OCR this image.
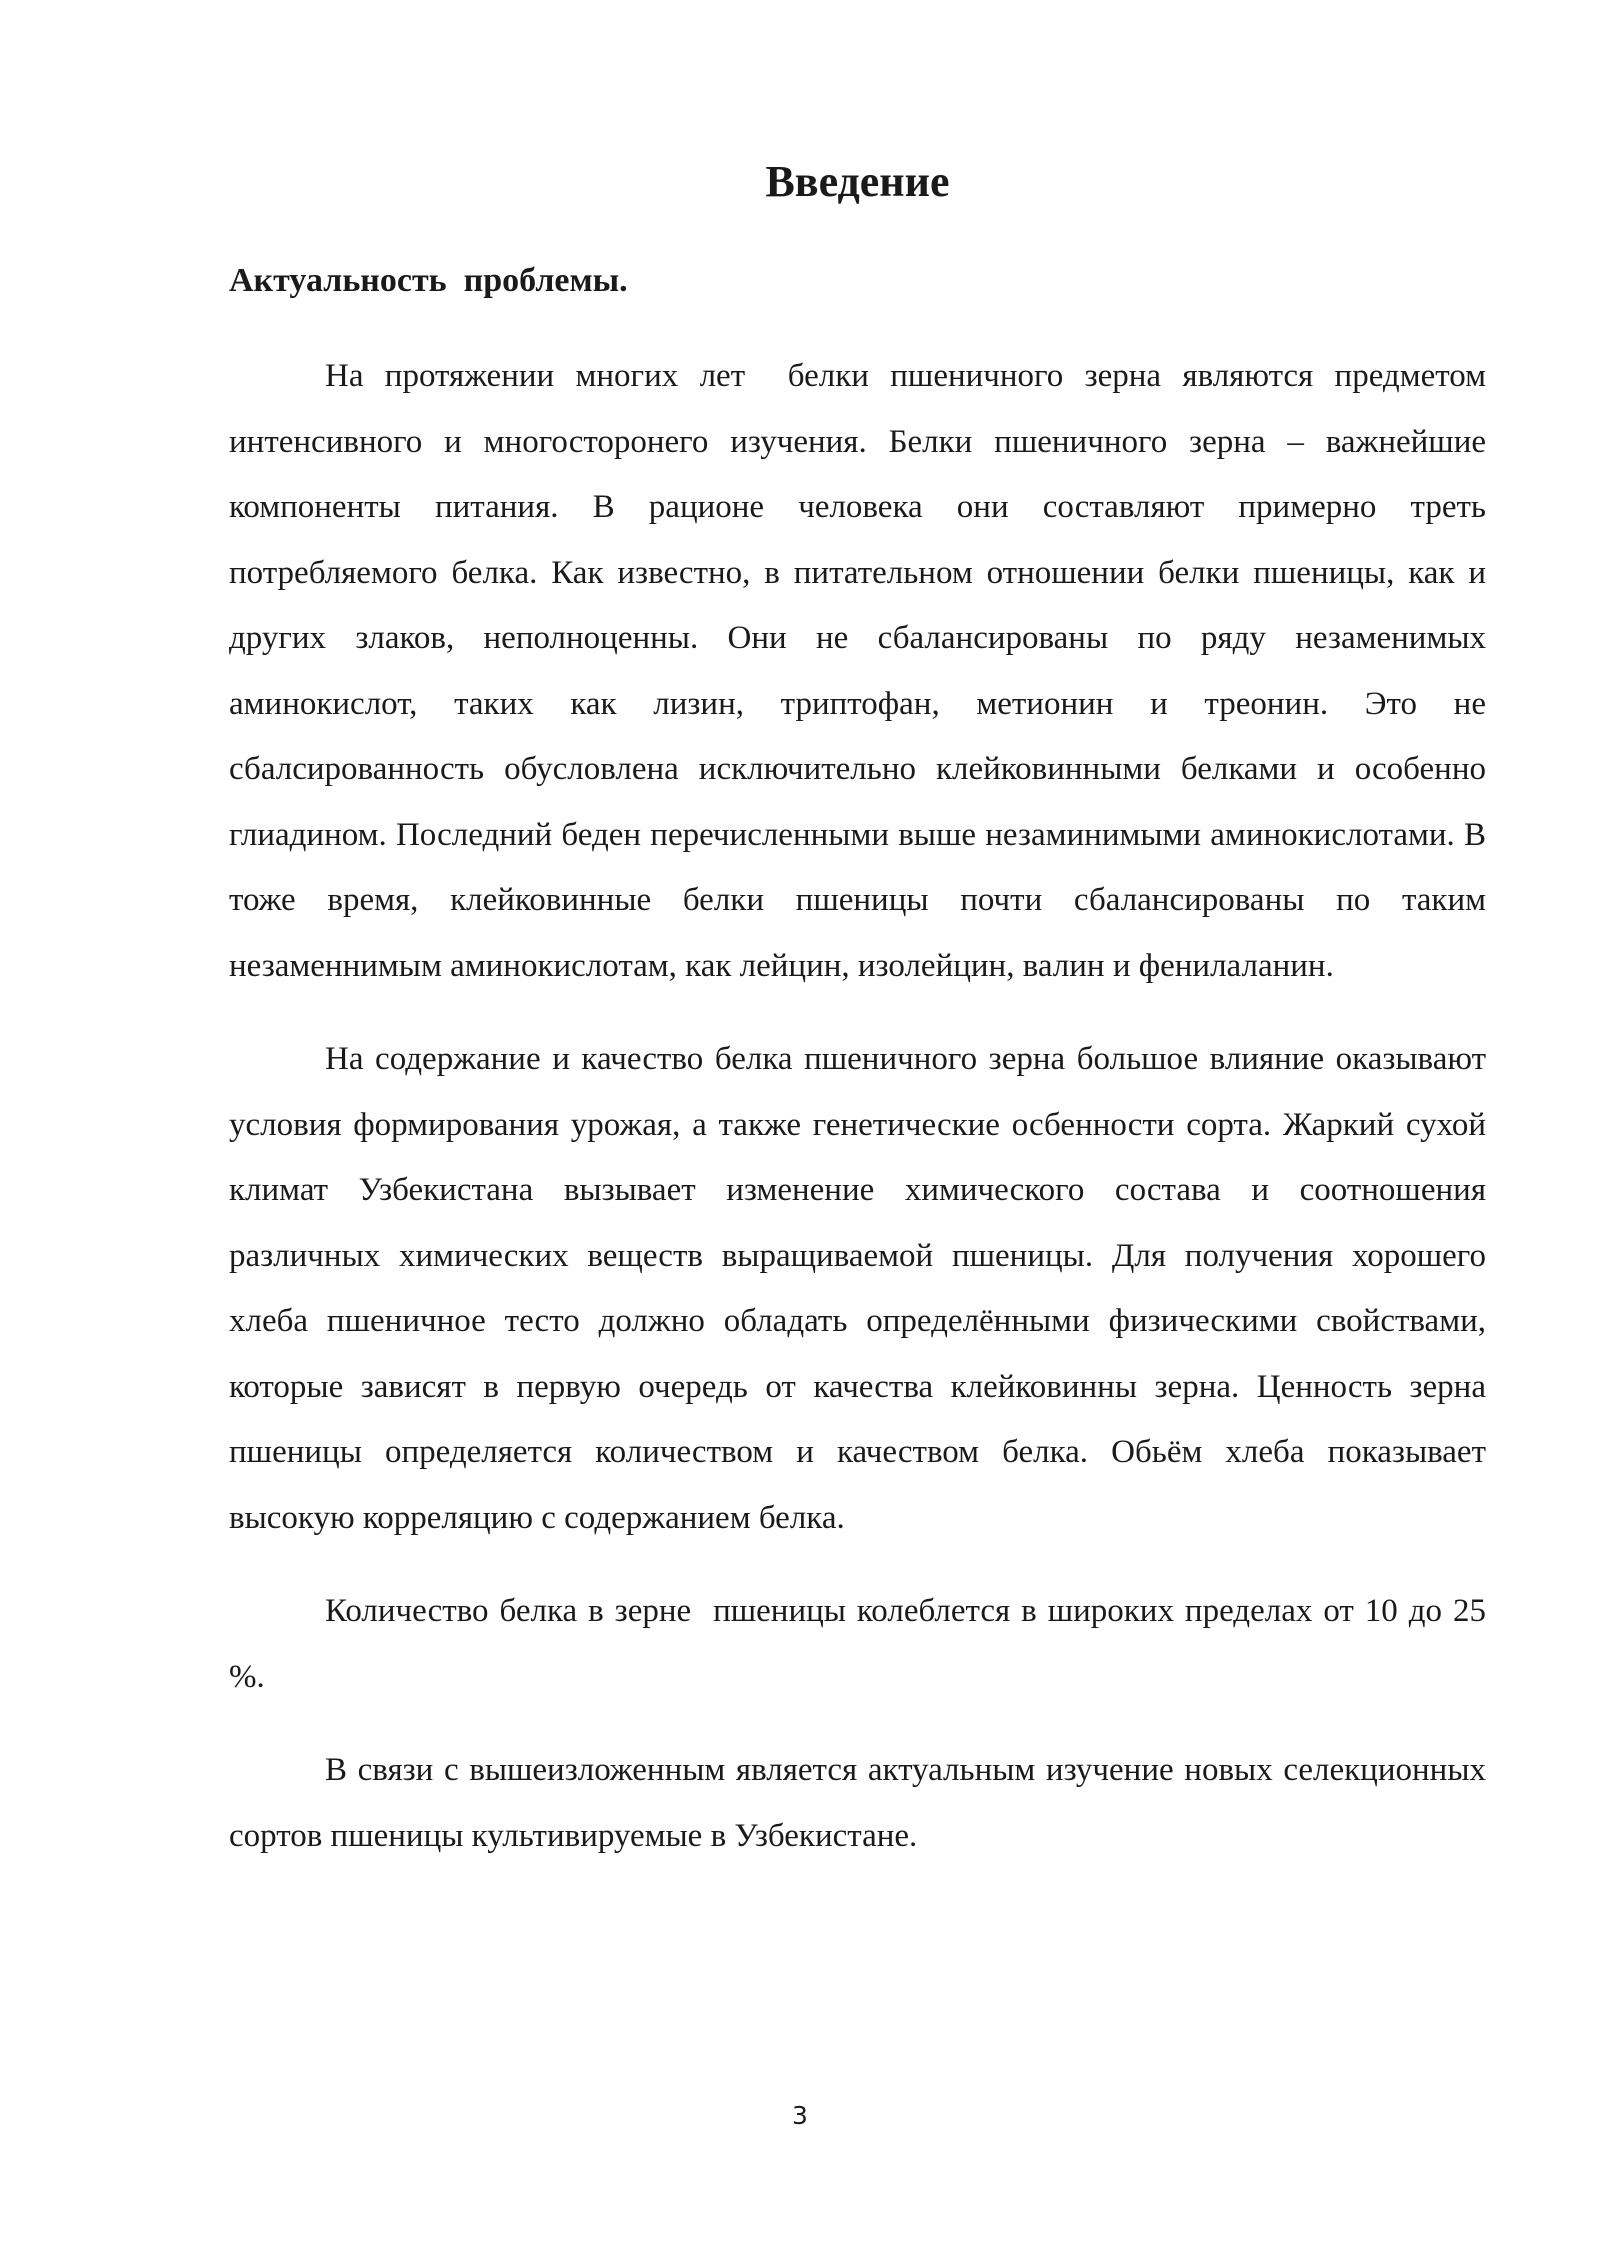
Введение
Актуальность  проблемы.

На протяжении многих лет  белки пшеничного зерна являются предметом интенсивного и многосторонего изучения. Белки пшеничного зерна – важнейшие компоненты питания. В рационе человека они составляют примерно треть потребляемого белка. Как известно, в питательном отношении белки пшеницы, как и других злаков, неполноценны. Они не сбалансированы по ряду незаменимых аминокислот, таких как лизин, триптофан, метионин и треонин. Это не сбалсированность обусловлена исключительно клейковинными белками и особенно глиадином. Последний беден перечисленными выше незаминимыми аминокислотами. В тоже время, клейковинные белки пшеницы почти сбалансированы по таким незаменнимым аминокислотам, как лейцин, изолейцин, валин и фенилаланин.

На содержание и качество белка пшеничного зерна большое влияние оказывают условия формирования урожая, а также генетические осбенности сорта. Жаркий сухой климат Узбекистана вызывает изменение химического состава и соотношения различных химических веществ выращиваемой пшеницы. Для получения хорошего хлеба пшеничное тесто должно обладать определёнными физическими свойствами, которые зависят в первую очередь от качества клейковинны зерна. Ценность зерна пшеницы определяется количеством и качеством белка. Обьём хлеба показывает высокую корреляцию с содержанием белка.

Количество белка в зерне  пшеницы колеблется в широких пределах от 10 до 25 %.

В связи с вышеизложенным является актуальным изучение новых селекционных сортов пшеницы культивируемые в Узбекистане.

3
